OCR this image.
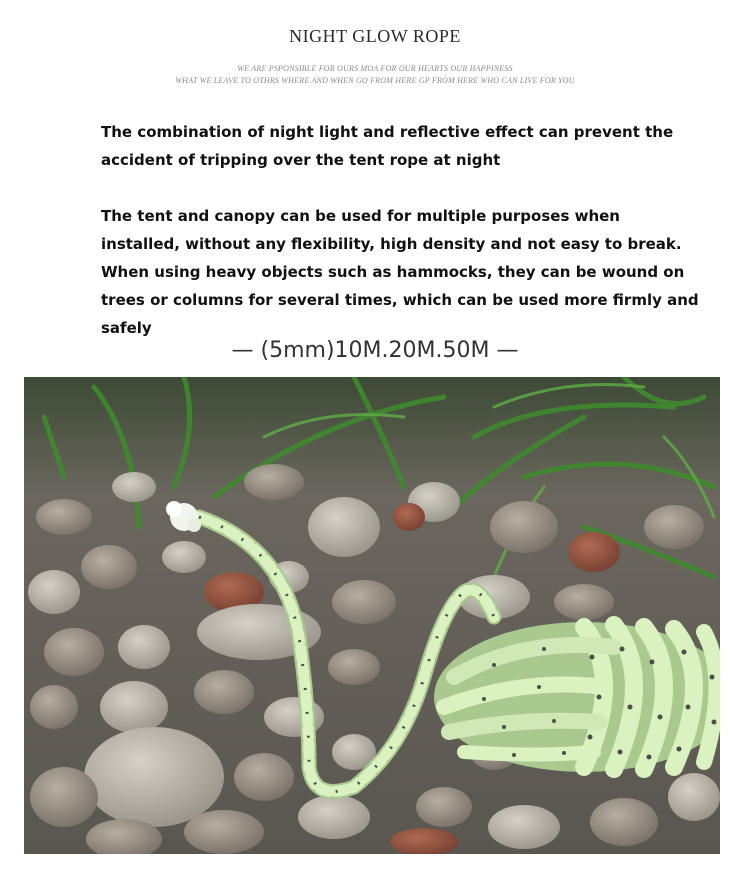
NIGHT GLOW ROPE
WE ARE PSPONSIBLE FOR OURS MOA FOR OUR HEARTS OUR HAPPINESS
WHAT WE LEAVE TO OTHRS WHERE AND WHEN GO FROM HERE GP FROM HERE WHO CAN LIVE FOR YOU

The combination of night light and reflective effect can prevent the accident of tripping over the tent rope at night

The tent and canopy can be used for multiple purposes when installed, without any flexibility, high density and not easy to break. When using heavy objects such as hammocks, they can be wound on trees or columns for several times, which can be used more firmly and safely

— (5mm)10M.20M.50M —
